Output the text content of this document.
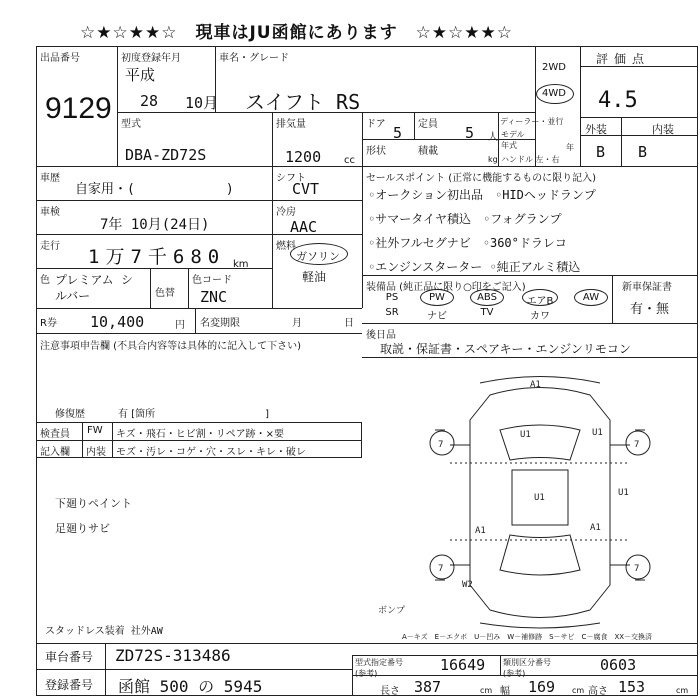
☆★☆★★☆　現車はJU函館にあります　☆★☆★★☆
出品番号
9129
初度登録年月
平成
28 10月
車名・グレード
スイフト RS
2WD
4WD
評価点
4.5
型式
DBA-ZD72S
排気量
1200 cc
ドア 5 定員 5 人
ディーラー・並行
形状	積載
kg
モデル年式	年
ハンドル 左・右
外装	内装
B B
車歴
自家用・(　　　　　　　)
シフト
CVT
車検
7年 10月(24日)
冷房
AAC
走行 1万7千680 km
燃料
ガソリン
軽油
色 プレミアム シルバー	色替
色コード
ZNC
R券 10,400	円 名変期限	月	日
注意事項申告欄 (不具合内容等は具体的に記入して下さい)
修復歴	有 [箇所　　　　　　　　　　　]
セールスポイント (正常に機能するものに限り記入)
◦オークション初出品　◦HIDヘッドランプ
◦サマータイヤ積込　◦フォグランプ
◦社外フルセグナビ　◦360°ドラレコ
◦エンジンスターター ◦純正アルミ積込
装備品 (純正品に限り○印をご記入)	新車保証書
有・無
PS	PW	ABS	エアB	AW
SR	ナビ	TV	カワ
後日品
取説・保証書・スペアキー・エンジンリモコン
検査員 FW キズ・飛石・ヒビ割・リペア跡・×要
記入欄 内装 モズ・汚レ・コゲ・穴・スレ・キレ・破レ
下廻りペイント
足廻りサビ
スタッドレス装着 社外AW
A1
U1	U1
U1	U1
A1	A1
W2
7	7
7	7
ボンプ
A－キズ　E－エクボ　U－凹み　W－補修跡　S－サビ　C－腐食　XX－交換済
車台番号 ZD72S-313486
登録番号 函館 500 の 5945
型式指定番号 (参考)	16649 類別区分番号 (参考)	0603
長さ 387	cm 幅 169 cm 高さ 153	cm
